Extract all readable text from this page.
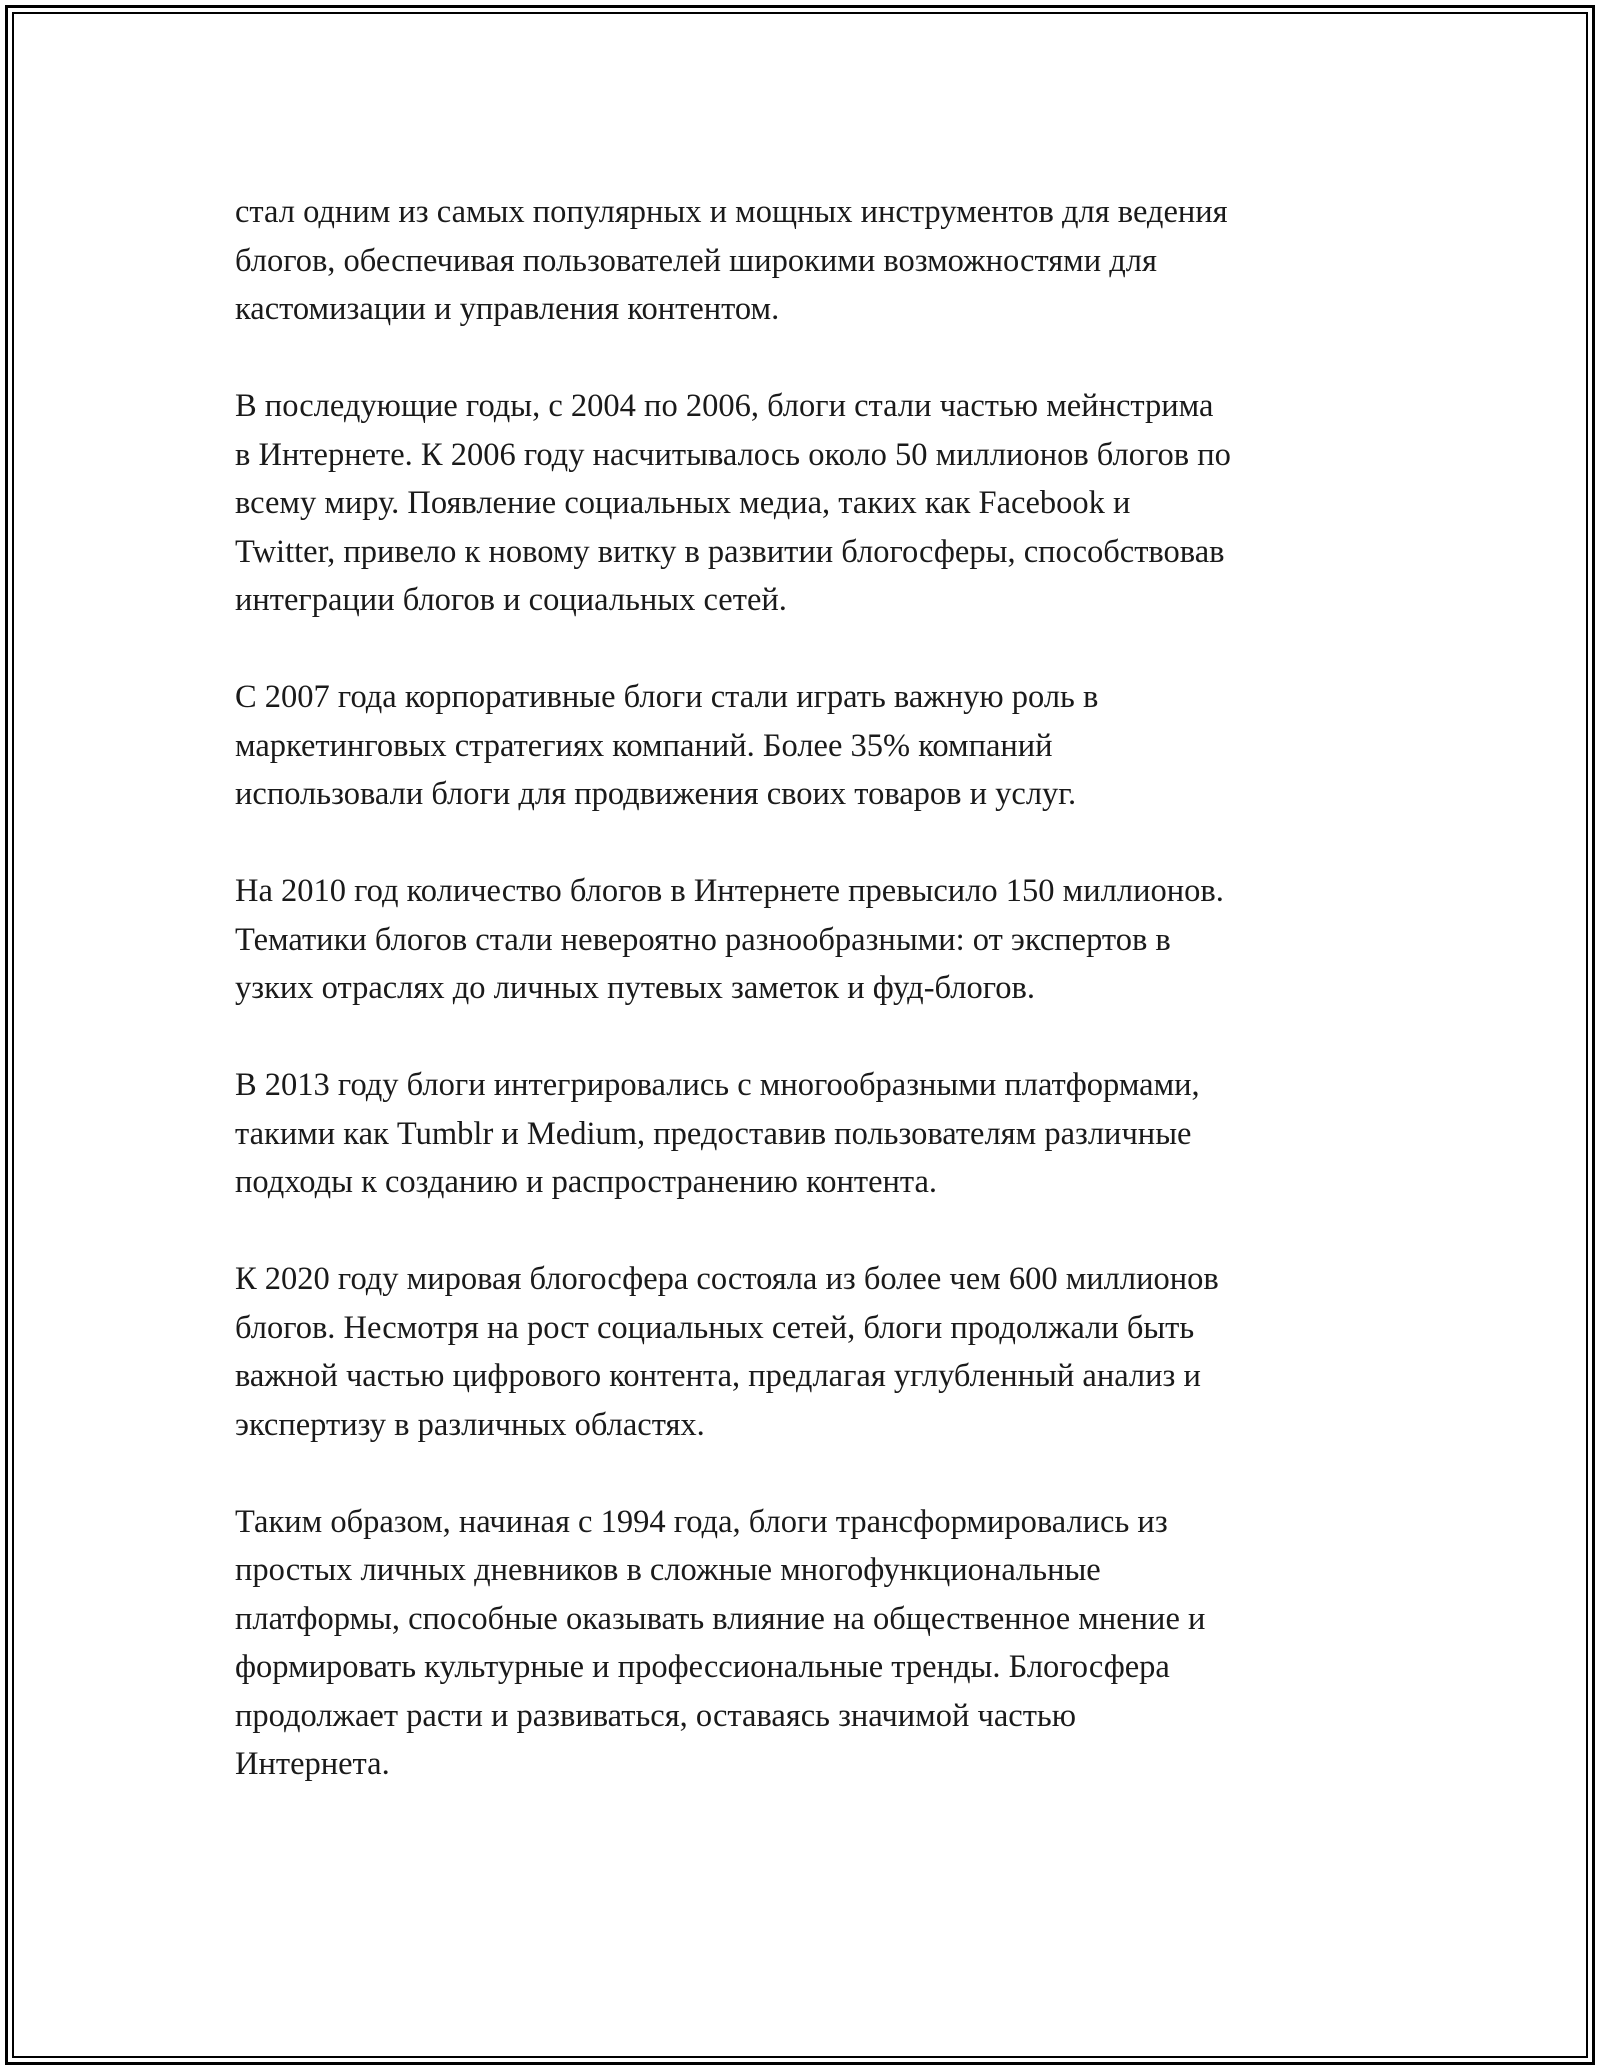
стал одним из самых популярных и мощных инструментов для ведения
блогов, обеспечивая пользователей широкими возможностями для
кастомизации и управления контентом.

В последующие годы, с 2004 по 2006, блоги стали частью мейнстрима
в Интернете. К 2006 году насчитывалось около 50 миллионов блогов по
всему миру. Появление социальных медиа, таких как Facebook и
Twitter, привело к новому витку в развитии блогосферы, способствовав
интеграции блогов и социальных сетей.

С 2007 года корпоративные блоги стали играть важную роль в
маркетинговых стратегиях компаний. Более 35% компаний
использовали блоги для продвижения своих товаров и услуг.

На 2010 год количество блогов в Интернете превысило 150 миллионов.
Тематики блогов стали невероятно разнообразными: от экспертов в
узких отраслях до личных путевых заметок и фуд-блогов.

В 2013 году блоги интегрировались с многообразными платформами,
такими как Tumblr и Medium, предоставив пользователям различные
подходы к созданию и распространению контента.

К 2020 году мировая блогосфера состояла из более чем 600 миллионов
блогов. Несмотря на рост социальных сетей, блоги продолжали быть
важной частью цифрового контента, предлагая углубленный анализ и
экспертизу в различных областях.

Таким образом, начиная с 1994 года, блоги трансформировались из
простых личных дневников в сложные многофункциональные
платформы, способные оказывать влияние на общественное мнение и
формировать культурные и профессиональные тренды. Блогосфера
продолжает расти и развиваться, оставаясь значимой частью
Интернета.
